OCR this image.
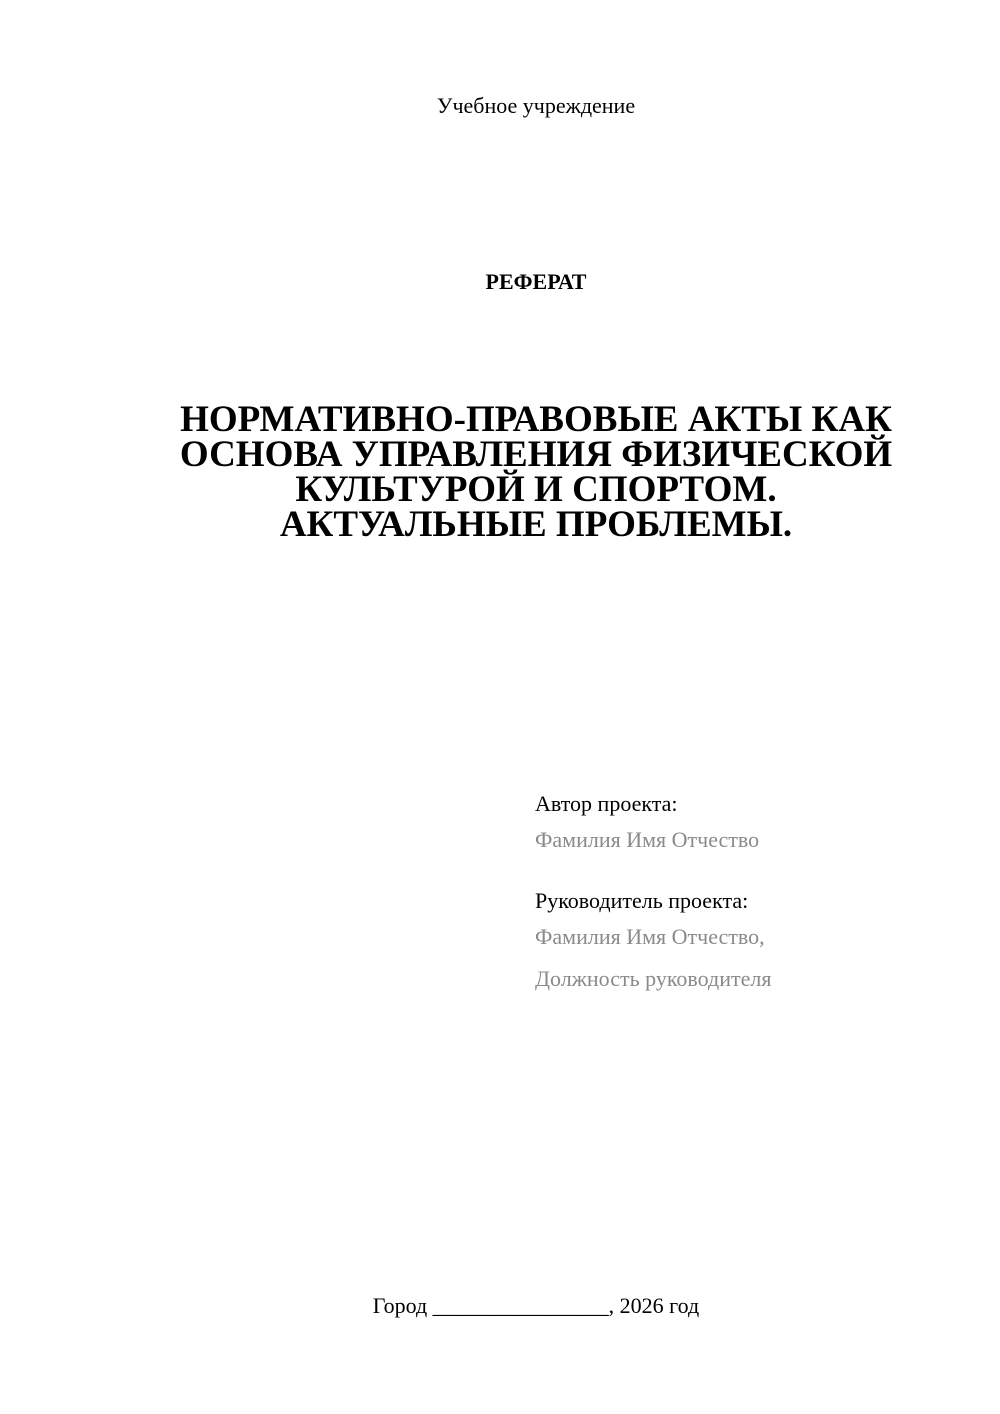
Учебное учреждение
РЕФЕРАТ
НОРМАТИВНО-ПРАВОВЫЕ АКТЫ КАК
ОСНОВА УПРАВЛЕНИЯ ФИЗИЧЕСКОЙ
КУЛЬТУРОЙ И СПОРТОМ.
АКТУАЛЬНЫЕ ПРОБЛЕМЫ.
Автор проекта:
Фамилия Имя Отчество
Руководитель проекта:
Фамилия Имя Отчество,
Должность руководителя
Город ________________, 2026 год
